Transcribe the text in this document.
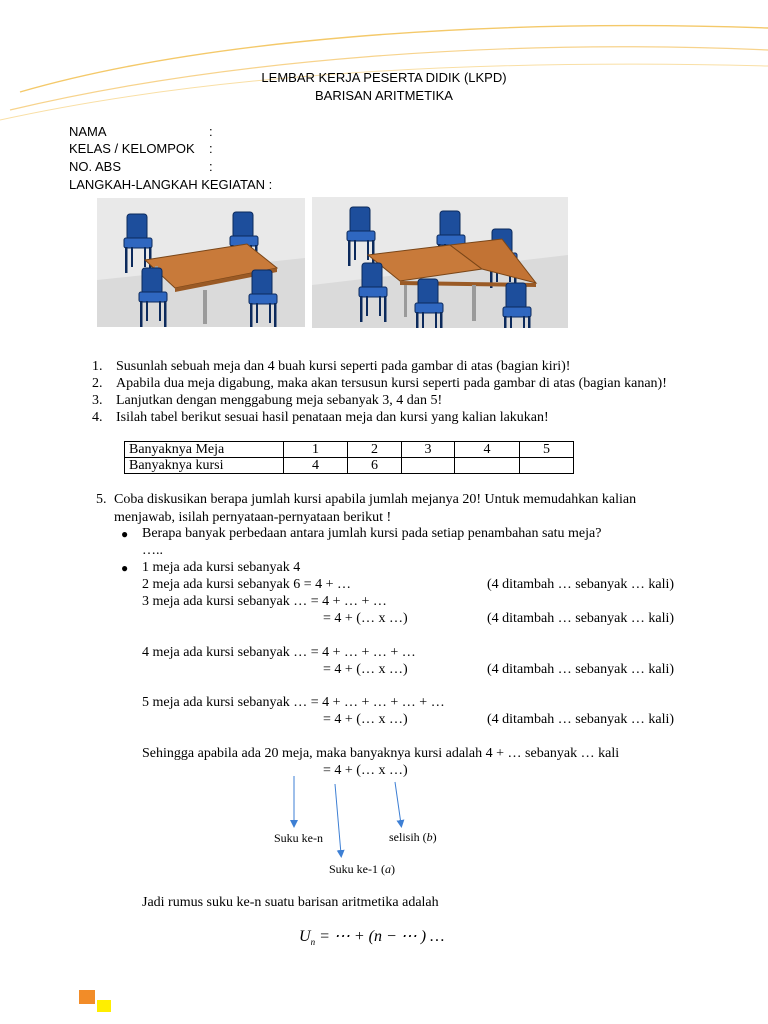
LEMBAR KERJA PESERTA DIDIK (LKPD)
BARISAN ARITMETIKA
NAMA	:
KELAS / KELOMPOK :
NO. ABS	:
LANGKAH-LANGKAH KEGIATAN :
1. Susunlah sebuah meja dan 4 buah kursi seperti pada gambar di atas (bagian kiri)!
2. Apabila dua meja digabung, maka akan tersusun kursi seperti pada gambar di atas (bagian kanan)!
3. Lanjutkan dengan menggabung meja sebanyak 3, 4 dan 5!
4. Isilah tabel berikut sesuai hasil penataan meja dan kursi yang kalian lakukan!
Banyaknya Meja	1	2	3	4	5
Banyaknya kursi	4	6			
5. Coba diskusikan berapa jumlah kursi apabila jumlah mejanya 20! Untuk memudahkan kalian
menjawab, isilah pernyataan-pernyataan berikut !
● Berapa banyak perbedaan antara jumlah kursi pada setiap penambahan satu meja?
…..
● 1 meja ada kursi sebanyak 4
2 meja ada kursi sebanyak 6 = 4 + …	(4 ditambah … sebanyak … kali)
3 meja ada kursi sebanyak … = 4 + … + …
= 4 + (… x …)	(4 ditambah … sebanyak … kali)
4 meja ada kursi sebanyak … = 4 + … + … + …
= 4 + (… x …)	(4 ditambah … sebanyak … kali)
5 meja ada kursi sebanyak … = 4 + … + … + … + …
= 4 + (… x …)	(4 ditambah … sebanyak … kali)
Sehingga apabila ada 20 meja, maka banyaknya kursi adalah 4 + … sebanyak … kali
= 4 + (… x …)
Suku ke-n	selisih (b)
Suku ke-1 (a)
Jadi rumus suku ke-n suatu barisan aritmetika adalah
$U_n$ = ⋯ + (n − ⋯ ) …
